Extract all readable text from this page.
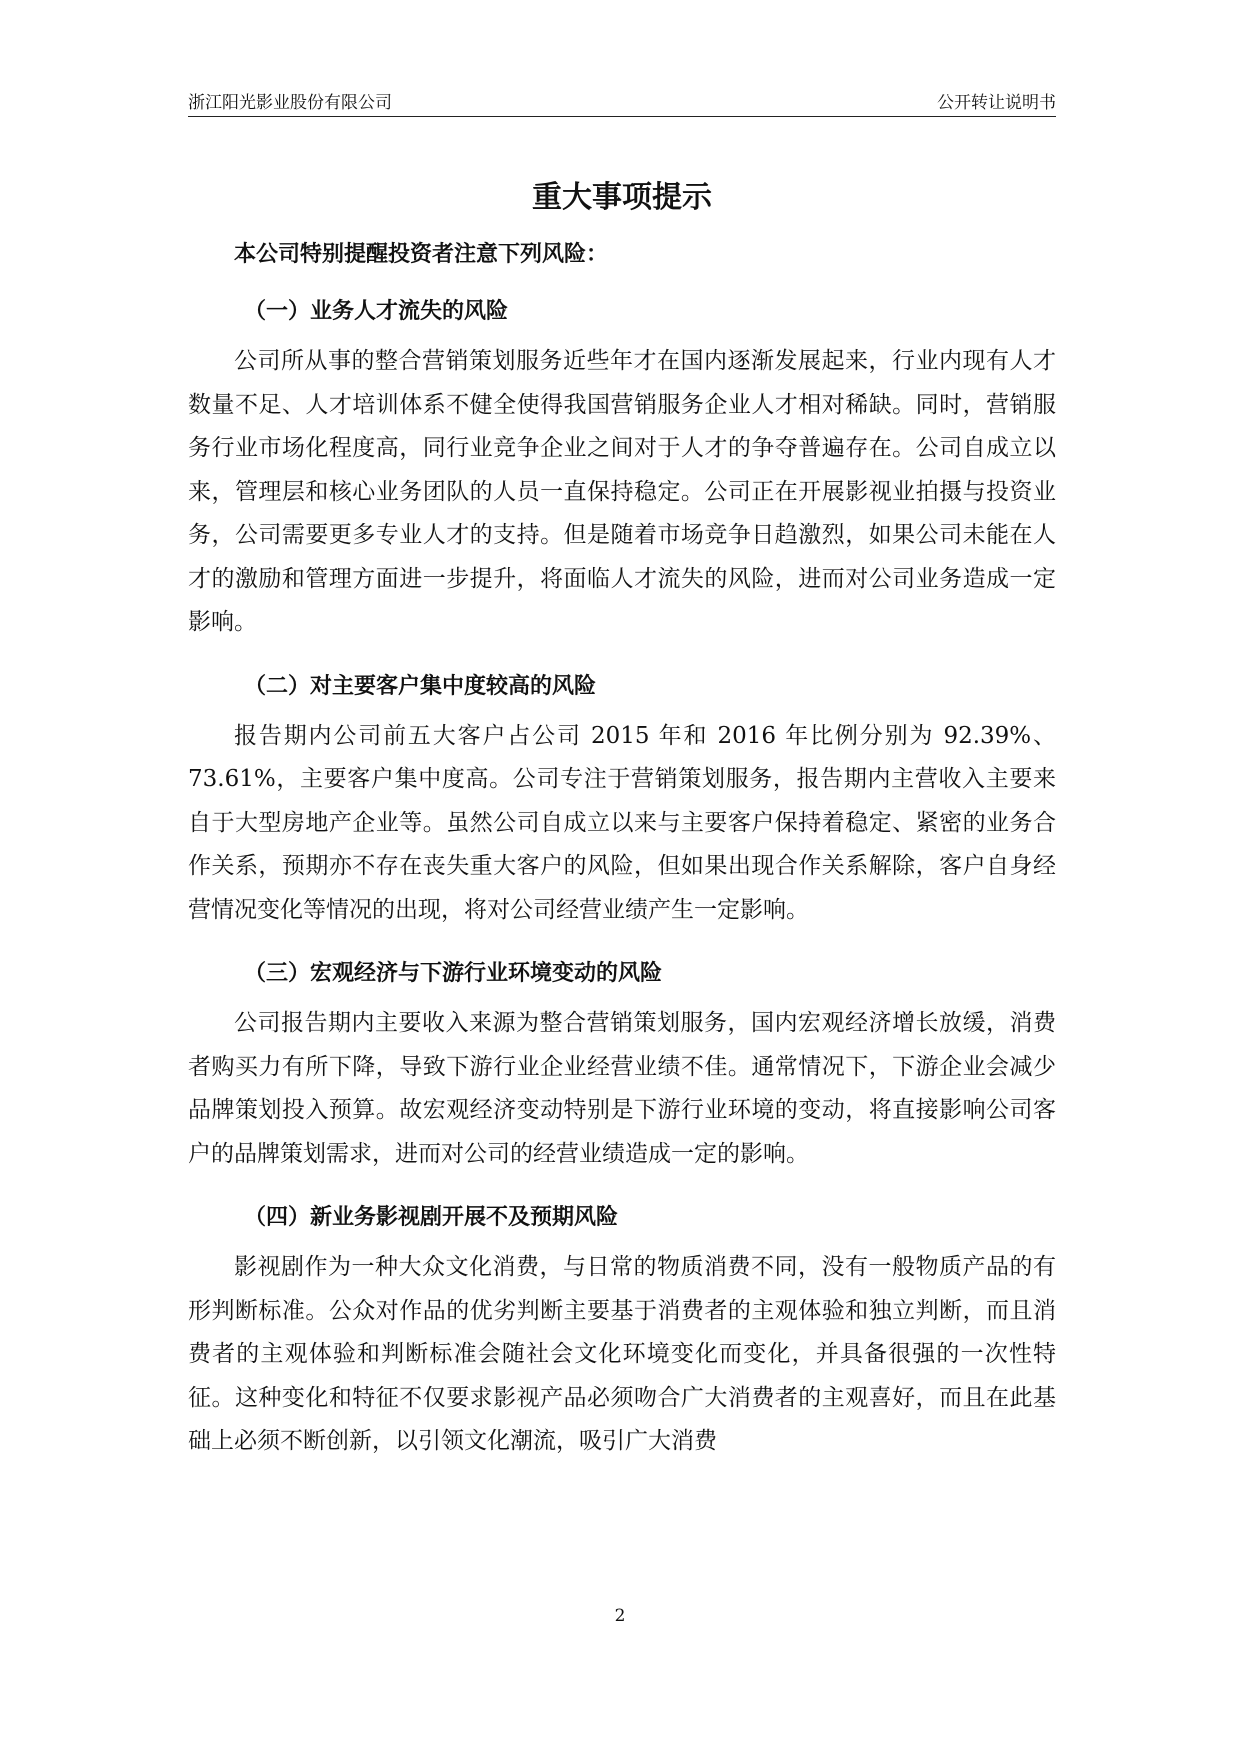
浙江阳光影业股份有限公司	公开转让说明书
重大事项提示

本公司特别提醒投资者注意下列风险：

（一）业务人才流失的风险

公司所从事的整合营销策划服务近些年才在国内逐渐发展起来，行业内现有人才数量不足、人才培训体系不健全使得我国营销服务企业人才相对稀缺。同时，营销服务行业市场化程度高，同行业竞争企业之间对于人才的争夺普遍存在。公司自成立以来，管理层和核心业务团队的人员一直保持稳定。公司正在开展影视业拍摄与投资业务，公司需要更多专业人才的支持。但是随着市场竞争日趋激烈，如果公司未能在人才的激励和管理方面进一步提升，将面临人才流失的风险，进而对公司业务造成一定影响。

（二）对主要客户集中度较高的风险

报告期内公司前五大客户占公司 2015 年和 2016 年比例分别为 92.39%、73.61%，主要客户集中度高。公司专注于营销策划服务，报告期内主营收入主要来自于大型房地产企业等。虽然公司自成立以来与主要客户保持着稳定、紧密的业务合作关系，预期亦不存在丧失重大客户的风险，但如果出现合作关系解除，客户自身经营情况变化等情况的出现，将对公司经营业绩产生一定影响。

（三）宏观经济与下游行业环境变动的风险

公司报告期内主要收入来源为整合营销策划服务，国内宏观经济增长放缓，消费者购买力有所下降，导致下游行业企业经营业绩不佳。通常情况下，下游企业会减少品牌策划投入预算。故宏观经济变动特别是下游行业环境的变动，将直接影响公司客户的品牌策划需求，进而对公司的经营业绩造成一定的影响。

（四）新业务影视剧开展不及预期风险

影视剧作为一种大众文化消费，与日常的物质消费不同，没有一般物质产品的有形判断标准。公众对作品的优劣判断主要基于消费者的主观体验和独立判断，而且消费者的主观体验和判断标准会随社会文化环境变化而变化，并具备很强的一次性特征。这种变化和特征不仅要求影视产品必须吻合广大消费者的主观喜好，而且在此基础上必须不断创新，以引领文化潮流，吸引广大消费

2
